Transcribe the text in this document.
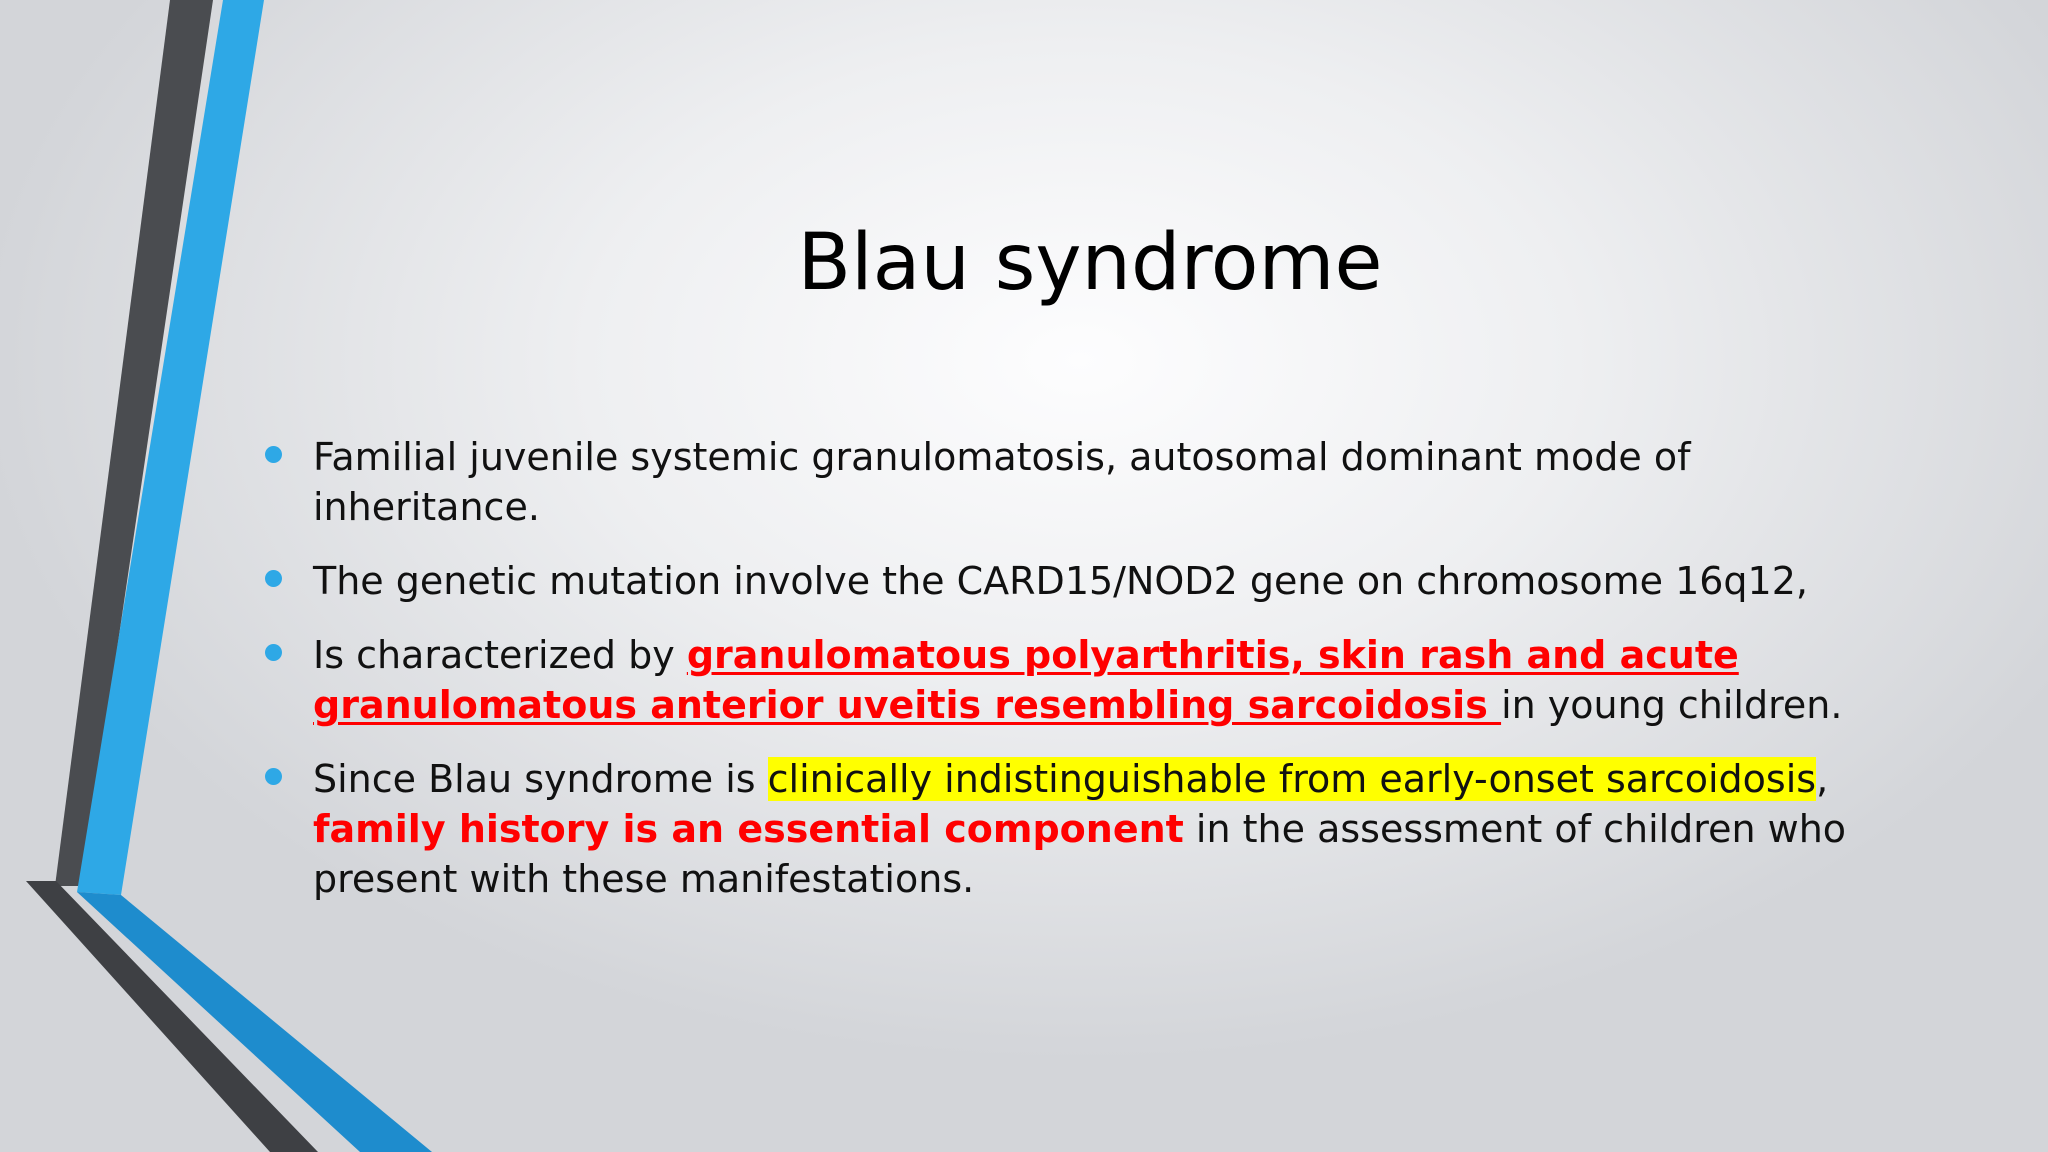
Blau syndrome
Familial juvenile systemic granulomatosis, autosomal dominant mode of inheritance.
The genetic mutation involve the CARD15/NOD2 gene on chromosome 16q12,
Is characterized by granulomatous polyarthritis, skin rash and acute granulomatous anterior uveitis resembling sarcoidosis in young children.
Since Blau syndrome is clinically indistinguishable from early-onset sarcoidosis, family history is an essential component in the assessment of children who present with these manifestations.
